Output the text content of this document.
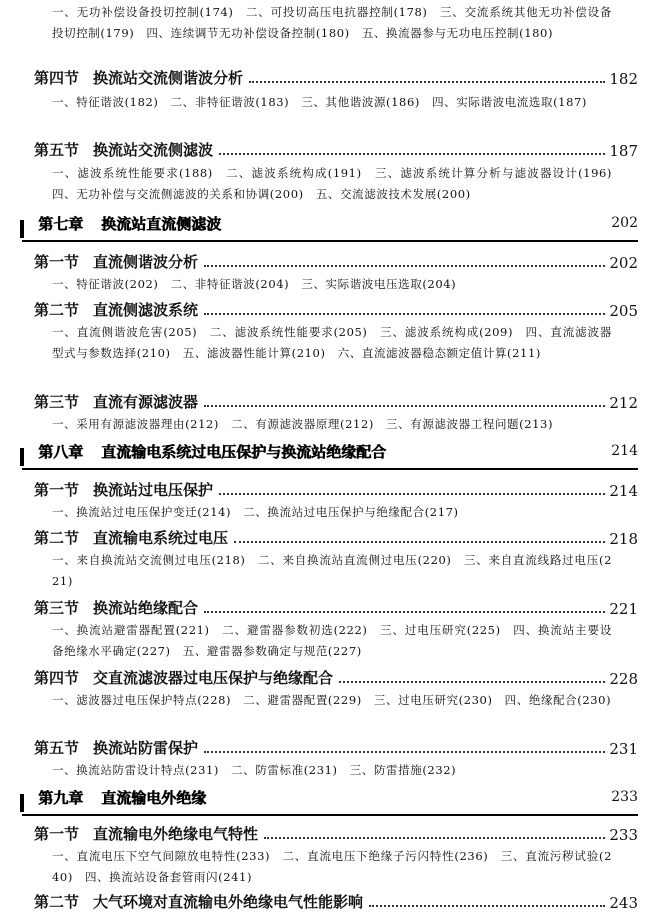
一、无功补偿设备投切控制(174)　二、可投切高压电抗器控制(178)　三、交流系统其他无功补偿设备投切控制(179)　四、连续调节无功补偿设备控制(180)　五、换流器参与无功电压控制(180)
第四节 换流站交流侧谐波分析	182
一、特征谐波(182)　二、非特征谐波(183)　三、其他谐波源(186)　四、实际谐波电流选取(187)
第五节 换流站交流侧滤波	187
一、滤波系统性能要求(188)　二、滤波系统构成(191)　三、滤波系统计算分析与滤波器设计(196)　四、无功补偿与交流侧滤波的关系和协调(200)　五、交流滤波技术发展(200)
第七章 换流站直流侧滤波	202
第一节 直流侧谐波分析	202
一、特征谐波(202)　二、非特征谐波(204)　三、实际谐波电压选取(204)
第二节 直流侧滤波系统	205
一、直流侧谐波危害(205)　二、滤波系统性能要求(205)　三、滤波系统构成(209)　四、直流滤波器型式与参数选择(210)　五、滤波器性能计算(210)　六、直流滤波器稳态额定值计算(211)
第三节 直流有源滤波器	212
一、采用有源滤波器理由(212)　二、有源滤波器原理(212)　三、有源滤波器工程问题(213)
第八章 直流输电系统过电压保护与换流站绝缘配合	214
第一节 换流站过电压保护	214
一、换流站过电压保护变迁(214)　二、换流站过电压保护与绝缘配合(217)
第二节 直流输电系统过电压	218
一、来自换流站交流侧过电压(218)　二、来自换流站直流侧过电压(220)　三、来自直流线路过电压(221)
第三节 换流站绝缘配合	221
一、换流站避雷器配置(221)　二、避雷器参数初选(222)　三、过电压研究(225)　四、换流站主要设备绝缘水平确定(227)　五、避雷器参数确定与规范(227)
第四节 交直流滤波器过电压保护与绝缘配合	228
一、滤波器过电压保护特点(228)　二、避雷器配置(229)　三、过电压研究(230)　四、绝缘配合(230)
第五节 换流站防雷保护	231
一、换流站防雷设计特点(231)　二、防雷标准(231)　三、防雷措施(232)
第九章 直流输电外绝缘	233
第一节 直流输电外绝缘电气特性	233
一、直流电压下空气间隙放电特性(233)　二、直流电压下绝缘子污闪特性(236)　三、直流污秽试验(240)　四、换流站设备套管雨闪(241)
第二节 大气环境对直流输电外绝缘电气性能影响	243
